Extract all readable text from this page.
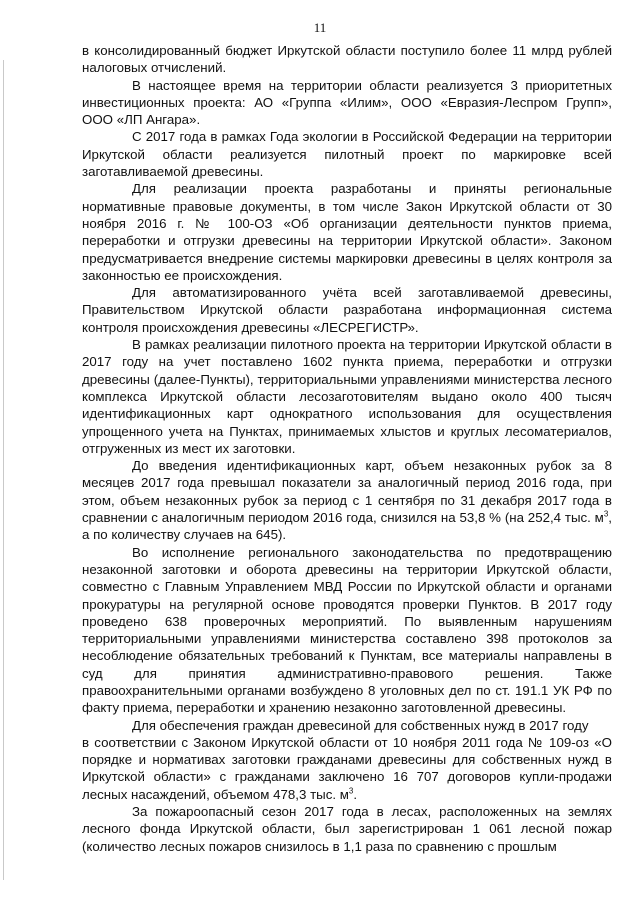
11

в консолидированный бюджет Иркутской области поступило более 11 млрд рублей налоговых отчислений.

В настоящее время на территории области реализуется 3 приоритетных инвестиционных проекта: АО «Группа «Илим», ООО «Евразия-Леспром Групп», ООО «ЛП Ангара».

С 2017 года в рамках Года экологии в Российской Федерации на территории Иркутской области реализуется пилотный проект по маркировке всей заготавливаемой древесины.

Для реализации проекта разработаны и приняты региональные нормативные правовые документы, в том числе Закон Иркутской области от 30 ноября 2016 г. № 100-ОЗ «Об организации деятельности пунктов приема, переработки и отгрузки древесины на территории Иркутской области». Законом предусматривается внедрение системы маркировки древесины в целях контроля за законностью ее происхождения.

Для автоматизированного учёта всей заготавливаемой древесины, Правительством Иркутской области разработана информационная система контроля происхождения древесины «ЛЕСРЕГИСТР».

В рамках реализации пилотного проекта на территории Иркутской области в 2017 году на учет поставлено 1602 пункта приема, переработки и отгрузки древесины (далее-Пункты), территориальными управлениями министерства лесного комплекса Иркутской области лесозаготовителям выдано около 400 тысяч идентификационных карт однократного использования для осуществления упрощенного учета на Пунктах, принимаемых хлыстов и круглых лесоматериалов, отгруженных из мест их заготовки.

До введения идентификационных карт, объем незаконных рубок за 8 месяцев 2017 года превышал показатели за аналогичный период 2016 года, при этом, объем незаконных рубок за период с 1 сентября по 31 декабря 2017 года в сравнении с аналогичным периодом 2016 года, снизился на 53,8 % (на 252,4 тыс. $м^3$, а по количеству случаев на 645).

Во исполнение регионального законодательства по предотвращению незаконной заготовки и оборота древесины на территории Иркутской области, совместно с Главным Управлением МВД России по Иркутской области и органами прокуратуры на регулярной основе проводятся проверки Пунктов. В 2017 году проведено 638 проверочных мероприятий. По выявленным нарушениям территориальными управлениями министерства составлено 398 протоколов за несоблюдение обязательных требований к Пунктам, все материалы направлены в суд для принятия административно-правового решения. Также правоохранительными органами возбуждено 8 уголовных дел по ст. 191.1 УК РФ по факту приема, переработки и хранению незаконно заготовленной древесины.

Для обеспечения граждан древесиной для собственных нужд в 2017 году

в соответствии с Законом Иркутской области от 10 ноября 2011 года № 109-оз «О порядке и нормативах заготовки гражданами древесины для собственных нужд в Иркутской области» с гражданами заключено 16 707 договоров купли-продажи лесных насаждений, объемом 478,3 тыс. $м^3$.

За пожароопасный сезон 2017 года в лесах, расположенных на землях лесного фонда Иркутской области, был зарегистрирован 1 061 лесной пожар (количество лесных пожаров снизилось в 1,1 раза по сравнению с прошлым
